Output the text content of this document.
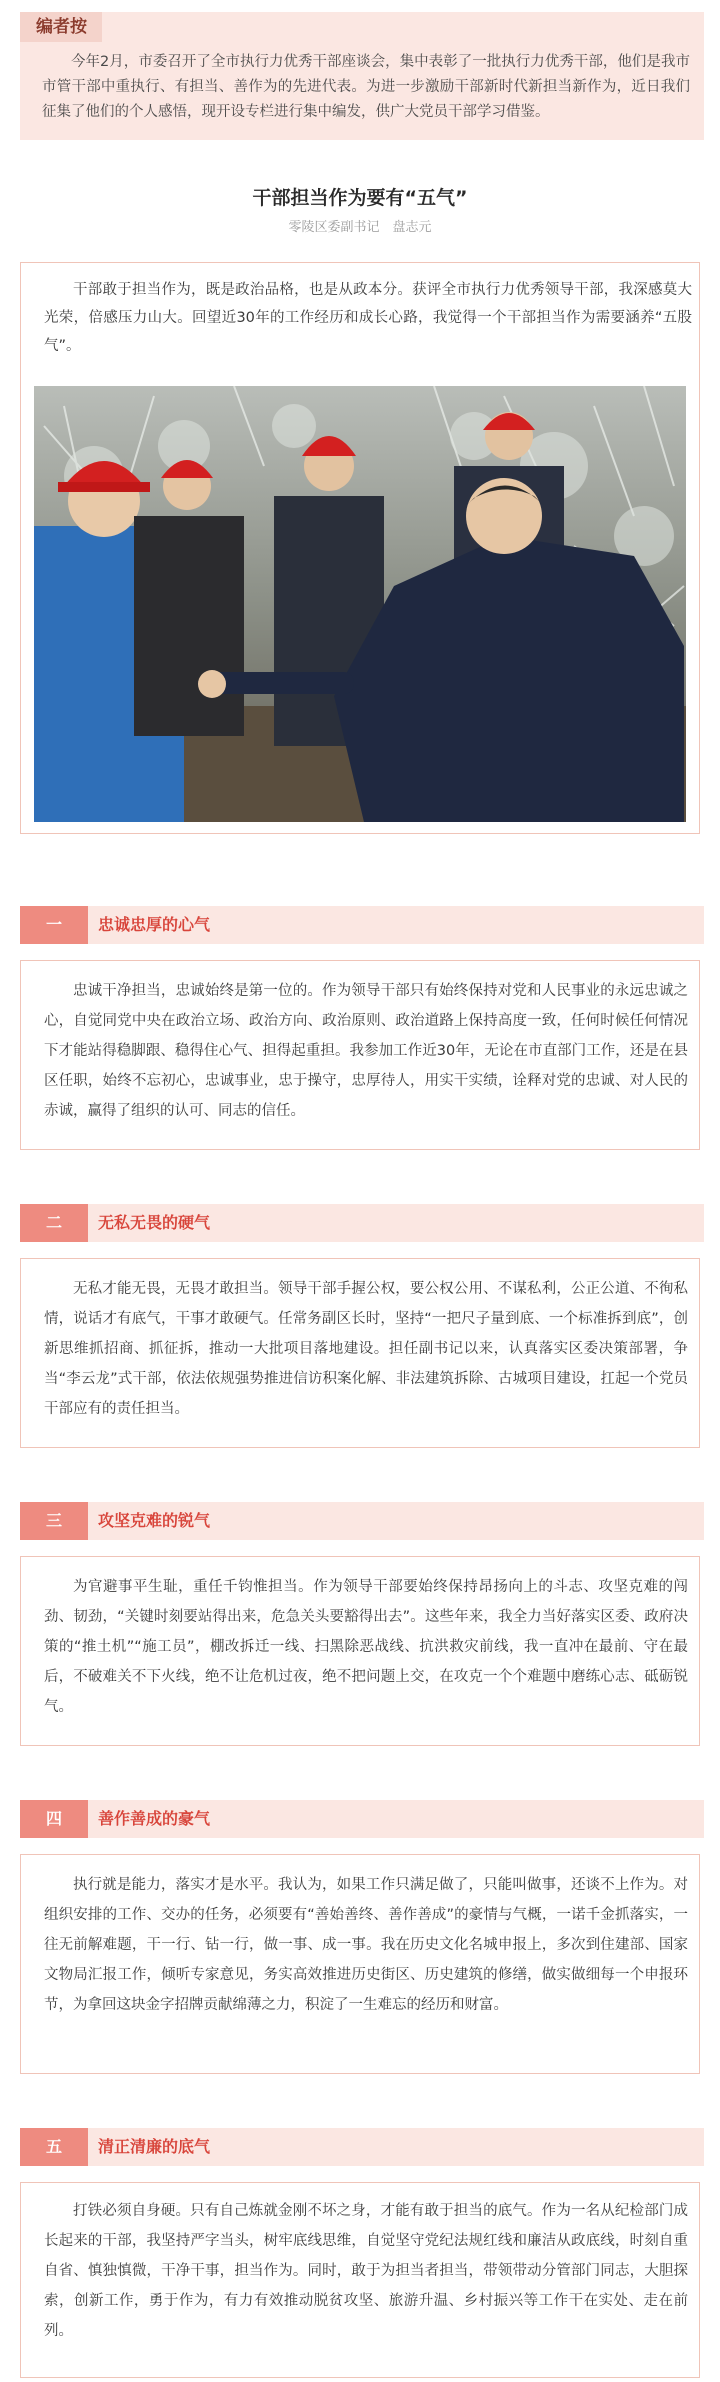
编者按
今年2月，市委召开了全市执行力优秀干部座谈会，集中表彰了一批执行力优秀干部，他们是我市市管干部中重执行、有担当、善作为的先进代表。为进一步激励干部新时代新担当新作为，近日我们征集了他们的个人感悟，现开设专栏进行集中编发，供广大党员干部学习借鉴。
干部担当作为要有“五气”
零陵区委副书记　盘志元
干部敢于担当作为，既是政治品格，也是从政本分。获评全市执行力优秀领导干部，我深感莫大光荣，倍感压力山大。回望近30年的工作经历和成长心路，我觉得一个干部担当作为需要涵养“五股气”。
一	忠诚忠厚的心气
忠诚干净担当，忠诚始终是第一位的。作为领导干部只有始终保持对党和人民事业的永远忠诚之心，自觉同党中央在政治立场、政治方向、政治原则、政治道路上保持高度一致，任何时候任何情况下才能站得稳脚跟、稳得住心气、担得起重担。我参加工作近30年，无论在市直部门工作，还是在县区任职，始终不忘初心，忠诚事业，忠于操守，忠厚待人，用实干实绩，诠释对党的忠诚、对人民的赤诚，赢得了组织的认可、同志的信任。
二	无私无畏的硬气
无私才能无畏，无畏才敢担当。领导干部手握公权，要公权公用、不谋私利，公正公道、不徇私情，说话才有底气，干事才敢硬气。任常务副区长时，坚持“一把尺子量到底、一个标准拆到底”，创新思维抓招商、抓征拆，推动一大批项目落地建设。担任副书记以来，认真落实区委决策部署，争当“李云龙”式干部，依法依规强势推进信访积案化解、非法建筑拆除、古城项目建设，扛起一个党员干部应有的责任担当。
三	攻坚克难的锐气
为官避事平生耻，重任千钧惟担当。作为领导干部要始终保持昂扬向上的斗志、攻坚克难的闯劲、韧劲，“关键时刻要站得出来，危急关头要豁得出去”。这些年来，我全力当好落实区委、政府决策的“推土机”“施工员”，棚改拆迁一线、扫黑除恶战线、抗洪救灾前线，我一直冲在最前、守在最后，不破难关不下火线，绝不让危机过夜，绝不把问题上交，在攻克一个个难题中磨练心志、砥砺锐气。
四	善作善成的豪气
执行就是能力，落实才是水平。我认为，如果工作只满足做了，只能叫做事，还谈不上作为。对组织安排的工作、交办的任务，必须要有“善始善终、善作善成”的豪情与气概，一诺千金抓落实，一往无前解难题，干一行、钻一行，做一事、成一事。我在历史文化名城申报上，多次到住建部、国家文物局汇报工作，倾听专家意见，务实高效推进历史街区、历史建筑的修缮，做实做细每一个申报环节，为拿回这块金字招牌贡献绵薄之力，积淀了一生难忘的经历和财富。
五	清正清廉的底气
打铁必须自身硬。只有自己炼就金刚不坏之身，才能有敢于担当的底气。作为一名从纪检部门成长起来的干部，我坚持严字当头，树牢底线思维，自觉坚守党纪法规红线和廉洁从政底线，时刻自重自省、慎独慎微，干净干事，担当作为。同时，敢于为担当者担当，带领带动分管部门同志，大胆探索，创新工作，勇于作为，有力有效推动脱贫攻坚、旅游升温、乡村振兴等工作干在实处、走在前列。
